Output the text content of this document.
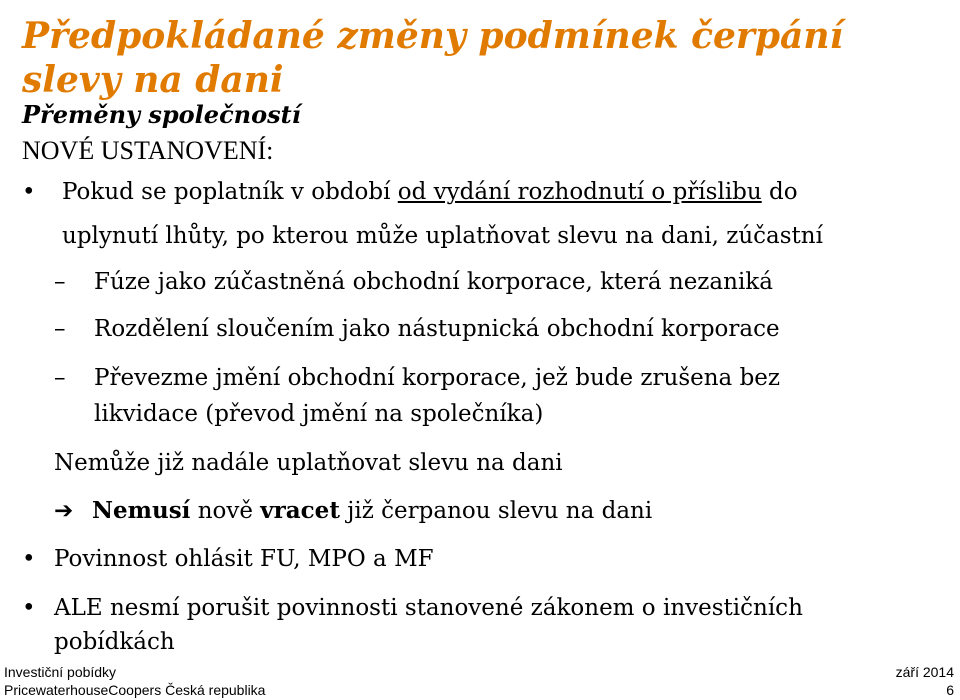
Předpokládané změny podmínek čerpání slevy na dani
Přeměny společností
NOVÉ USTANOVENÍ:
• Pokud se poplatník v období od vydání rozhodnutí o příslibu do
uplynutí lhůty, po kterou může uplatňovat slevu na dani, zúčastní
– Fúze jako zúčastněná obchodní korporace, která nezaniká
– Rozdělení sloučením jako nástupnická obchodní korporace
– Převezme jmění obchodní korporace, jež bude zrušena bez
likvidace (převod jmění na společníka)
Nemůže již nadále uplatňovat slevu na dani
➔ Nemusí nově vracet již čerpanou slevu na dani
• Povinnost ohlásit FU, MPO a MF
• ALE nesmí porušit povinnosti stanovené zákonem o investičních
pobídkách
Investiční pobídky
PricewaterhouseCoopers Česká republika
září 2014
6
